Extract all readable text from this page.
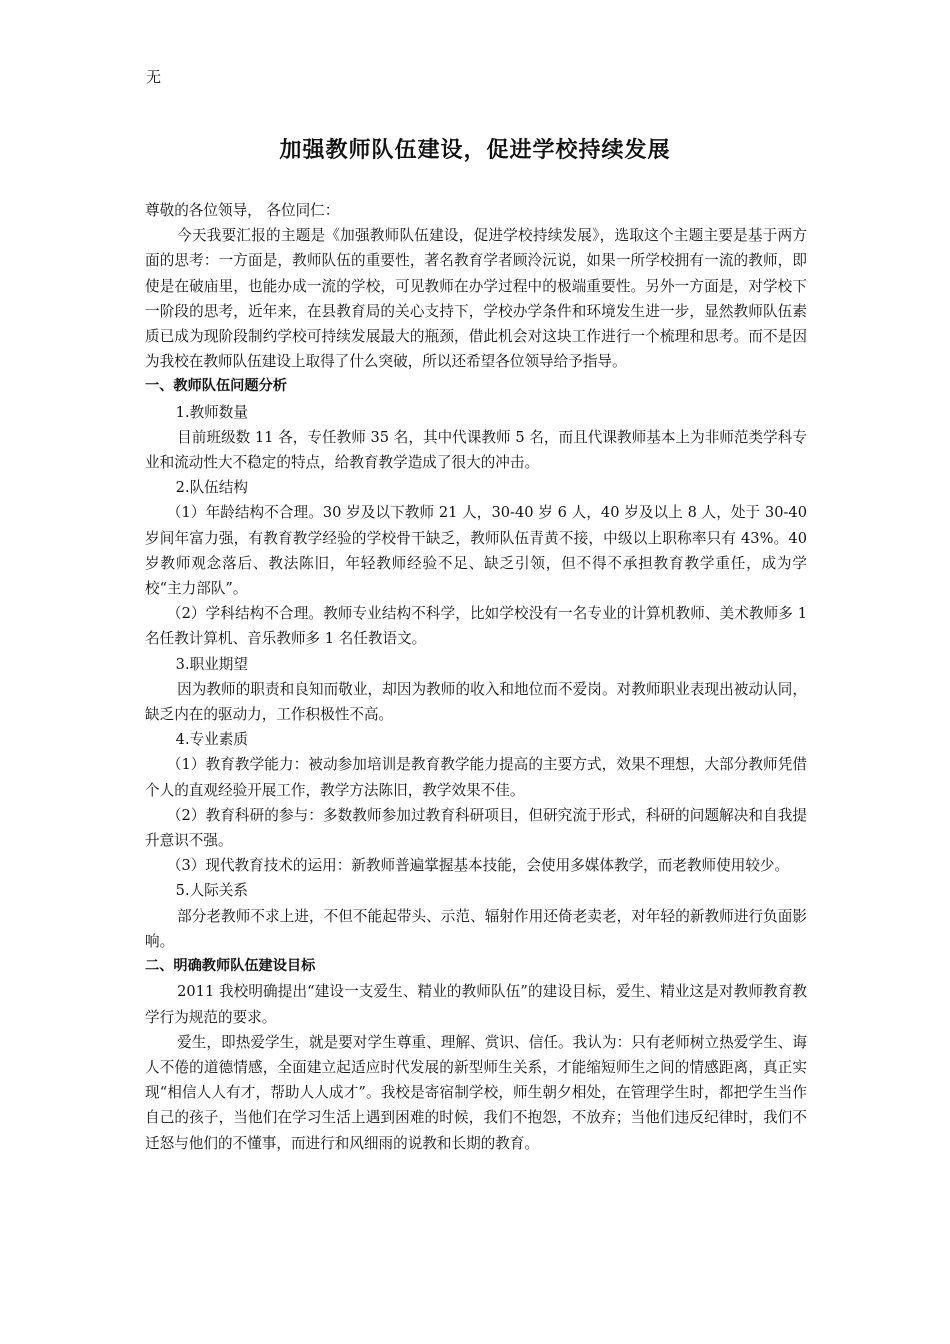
无
加强教师队伍建设，促进学校持续发展

尊敬的各位领导， 各位同仁：

今天我要汇报的主题是《加强教师队伍建设，促进学校持续发展》，选取这个主题主要是基于两方面的思考：一方面是，教师队伍的重要性，著名教育学者顾泠沅说，如果一所学校拥有一流的教师，即使是在破庙里，也能办成一流的学校，可见教师在办学过程中的极端重要性。另外一方面是，对学校下一阶段的思考，近年来，在县教育局的关心支持下，学校办学条件和环境发生进一步，显然教师队伍素质已成为现阶段制约学校可持续发展最大的瓶颈，借此机会对这块工作进行一个梳理和思考。而不是因为我校在教师队伍建设上取得了什么突破，所以还希望各位领导给予指导。

一、教师队伍问题分析

1.教师数量

目前班级数 11 各，专任教师 35 名，其中代课教师 5 名，而且代课教师基本上为非师范类学科专业和流动性大不稳定的特点，给教育教学造成了很大的冲击。

2.队伍结构

（1）年龄结构不合理。30 岁及以下教师 21 人，30-40 岁 6 人，40 岁及以上 8 人，处于 30-40 岁间年富力强，有教育教学经验的学校骨干缺乏，教师队伍青黄不接，中级以上职称率只有 43%。40 岁教师观念落后、教法陈旧，年轻教师经验不足、缺乏引领，但不得不承担教育教学重任，成为学校“主力部队”。

（2）学科结构不合理。教师专业结构不科学，比如学校没有一名专业的计算机教师、美术教师多 1 名任教计算机、音乐教师多 1 名任教语文。

3.职业期望

因为教师的职责和良知而敬业，却因为教师的收入和地位而不爱岗。对教师职业表现出被动认同，缺乏内在的驱动力，工作积极性不高。

4.专业素质

（1）教育教学能力：被动参加培训是教育教学能力提高的主要方式，效果不理想，大部分教师凭借个人的直观经验开展工作，教学方法陈旧，教学效果不佳。

（2）教育科研的参与：多数教师参加过教育科研项目，但研究流于形式，科研的问题解决和自我提升意识不强。

（3）现代教育技术的运用：新教师普遍掌握基本技能，会使用多媒体教学，而老教师使用较少。

5.人际关系

部分老教师不求上进，不但不能起带头、示范、辐射作用还倚老卖老，对年轻的新教师进行负面影响。

二、明确教师队伍建设目标

2011 我校明确提出“建设一支爱生、精业的教师队伍”的建设目标，爱生、精业这是对教师教育教学行为规范的要求。

爱生，即热爱学生，就是要对学生尊重、理解、赏识、信任。我认为：只有老师树立热爱学生、诲人不倦的道德情感，全面建立起适应时代发展的新型师生关系，才能缩短师生之间的情感距离，真正实现“相信人人有才，帮助人人成才”。我校是寄宿制学校，师生朝夕相处，在管理学生时，都把学生当作自己的孩子，当他们在学习生活上遇到困难的时候，我们不抱怨，不放弃；当他们违反纪律时，我们不迁怒与他们的不懂事，而进行和风细雨的说教和长期的教育。
